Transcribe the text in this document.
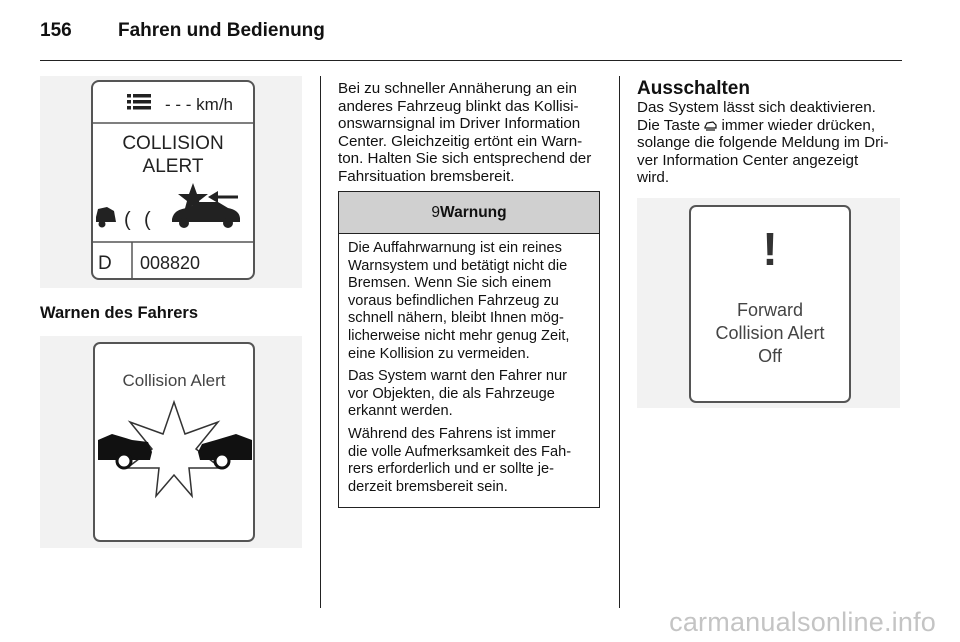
156 Fahren und Bedienung
- - - km/h
COLLISION
ALERT
( (
D 008820
Warnen des Fahrers
Collision Alert
Bei zu schneller Annäherung an ein
anderes Fahrzeug blinkt das Kollisi-
onswarnsignal im Driver Information
Center. Gleichzeitig ertönt ein Warn-
ton. Halten Sie sich entsprechend der
Fahrsituation bremsbereit.
9Warnung

Die Auffahrwarnung ist ein reines
Warnsystem und betätigt nicht die
Bremsen. Wenn Sie sich einem
voraus befindlichen Fahrzeug zu
schnell nähern, bleibt Ihnen mög-
licherweise nicht mehr genug Zeit,
eine Kollision zu vermeiden.

Das System warnt den Fahrer nur
vor Objekten, die als Fahrzeuge
erkannt werden.

Während des Fahrens ist immer
die volle Aufmerksamkeit des Fah-
rers erforderlich und er sollte je-
derzeit bremsbereit sein.

Ausschalten
Das System lässt sich deaktivieren.
Die Taste  immer wieder drücken,
solange die folgende Meldung im Dri-
ver Information Center angezeigt
wird.
!
Forward
Collision Alert
Off
carmanualsonline.info
